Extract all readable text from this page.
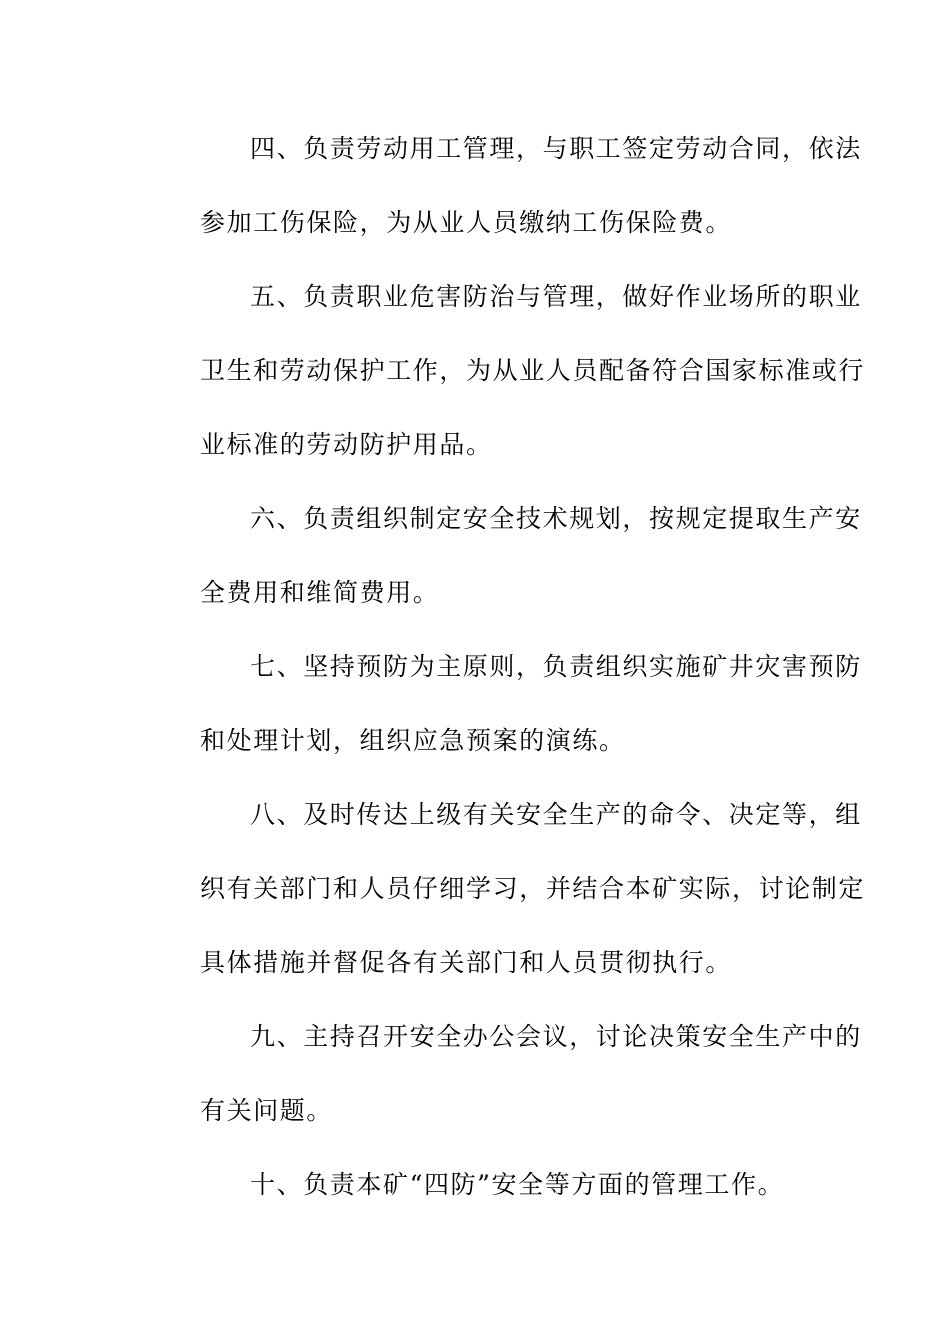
四、负责劳动用工管理，与职工签定劳动合同，依法
参加工伤保险，为从业人员缴纳工伤保险费。
五、负责职业危害防治与管理，做好作业场所的职业
卫生和劳动保护工作，为从业人员配备符合国家标准或行
业标准的劳动防护用品。
六、负责组织制定安全技术规划，按规定提取生产安
全费用和维简费用。
七、坚持预防为主原则，负责组织实施矿井灾害预防
和处理计划，组织应急预案的演练。
八、及时传达上级有关安全生产的命令、决定等，组
织有关部门和人员仔细学习，并结合本矿实际，讨论制定
具体措施并督促各有关部门和人员贯彻执行。
九、主持召开安全办公会议，讨论决策安全生产中的
有关问题。
十、负责本矿“四防”安全等方面的管理工作。
